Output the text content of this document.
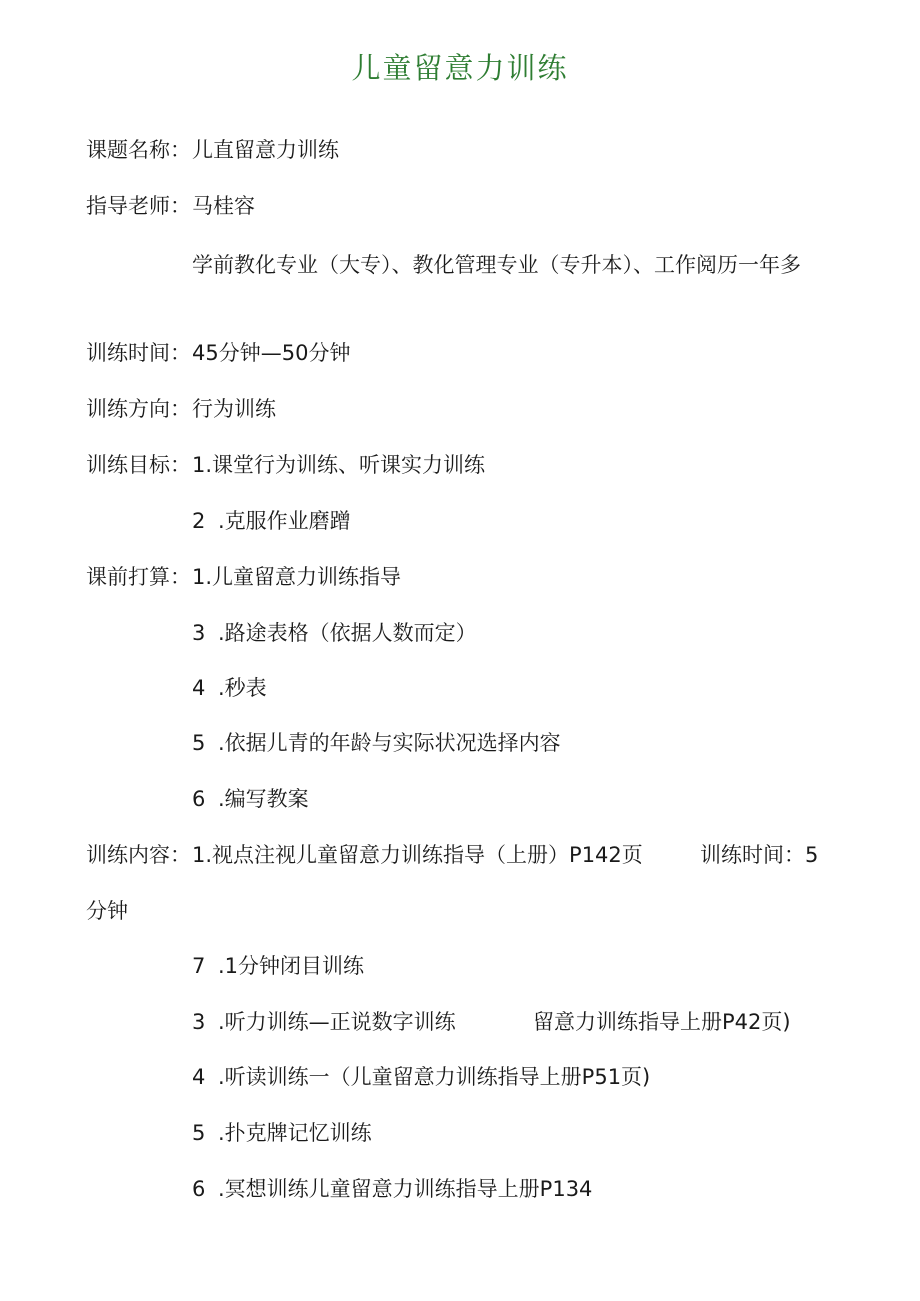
儿童留意力训练
课题名称： 儿直留意力训练
指导老师： 马桂容
学前教化专业（大专）、教化管理专业（专升本）、工作阅历一年多
训练时间： 45分钟—50分钟
训练方向： 行为训练
训练目标： 1.课堂行为训练、听课实力训练
2 .克服作业磨蹭
课前打算： 1.儿童留意力训练指导
3 .路途表格（依据人数而定）
4 .秒表
5 .依据儿青的年龄与实际状况选择内容
6 .编写教案
训练内容： 1.视点注视儿童留意力训练指导（上册）P142页	训练时间：5
分钟
7 .1分钟闭目训练
3 .听力训练—正说数字训练	留意力训练指导上册P42页)
4 .听读训练一（儿童留意力训练指导上册P51页)
5 .扑克牌记忆训练
6 .冥想训练儿童留意力训练指导上册P134
